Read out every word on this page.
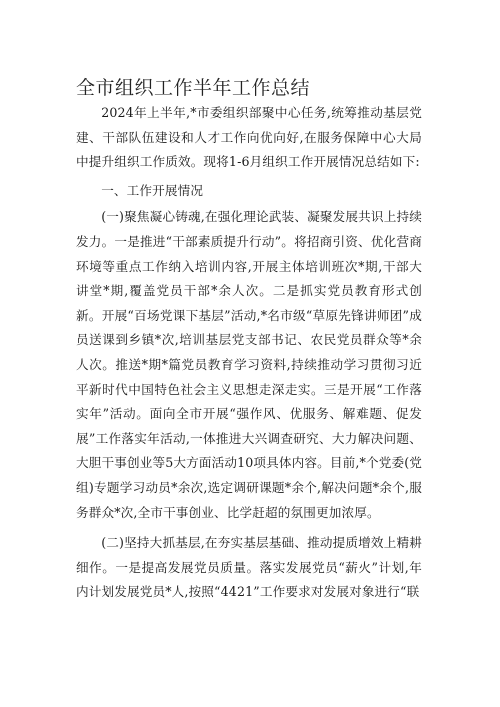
全市组织工作半年工作总结

2024年上半年,*市委组织部聚中心任务,统筹推动基层党建、干部队伍建设和人才工作向优向好,在服务保障中心大局中提升组织工作质效。现将1-6月组织工作开展情况总结如下:

一、工作开展情况

(一)聚焦凝心铸魂,在强化理论武装、凝聚发展共识上持续发力。一是推进“干部素质提升行动”。将招商引资、优化营商环境等重点工作纳入培训内容,开展主体培训班次*期,干部大讲堂*期,覆盖党员干部*余人次。二是抓实党员教育形式创新。开展“百场党课下基层”活动,*名市级“草原先锋讲师团”成员送课到乡镇*次,培训基层党支部书记、农民党员群众等*余人次。推送*期*篇党员教育学习资料,持续推动学习贯彻习近平新时代中国特色社会主义思想走深走实。三是开展“工作落实年”活动。面向全市开展“强作风、优服务、解难题、促发展”工作落实年活动,一体推进大兴调查研究、大力解决问题、大胆干事创业等5大方面活动10项具体内容。目前,*个党委(党组)专题学习动员*余次,选定调研课题*余个,解决问题*余个,服务群众*次,全市干事创业、比学赶超的氛围更加浓厚。

(二)坚持大抓基层,在夯实基层基础、推动提质增效上精耕细作。一是提高发展党员质量。落实发展党员“薪火”计划,年内计划发展党员*人,按照“4421”工作要求对发展对象进行“联
